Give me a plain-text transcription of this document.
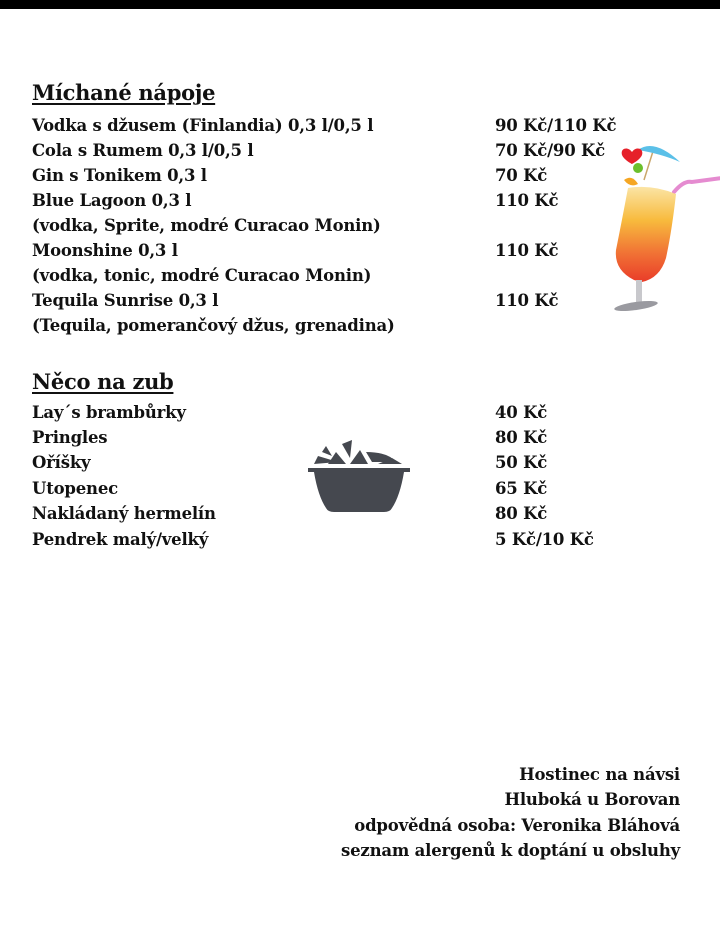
Míchané nápoje
Vodka s džusem (Finlandia) 0,3 l/0,5 l	90 Kč/110 Kč
Cola s Rumem 0,3 l/0,5 l	70 Kč/90 Kč
Gin s Tonikem 0,3 l	70 Kč
Blue Lagoon 0,3 l	110 Kč
(vodka, Sprite, modré Curacao Monin)
Moonshine 0,3 l	110 Kč
(vodka, tonic, modré Curacao Monin)
Tequila Sunrise 0,3 l	110 Kč
(Tequila, pomerančový džus, grenadina)
Něco na zub
Lay´s brambůrky	40 Kč
Pringles	80 Kč
Oříšky	50 Kč
Utopenec	65 Kč
Nakládaný hermelín	80 Kč
Pendrek malý/velký	5 Kč/10 Kč
Hostinec na návsi
Hluboká u Borovan
odpovědná osoba: Veronika Bláhová
seznam alergenů k doptání u obsluhy
